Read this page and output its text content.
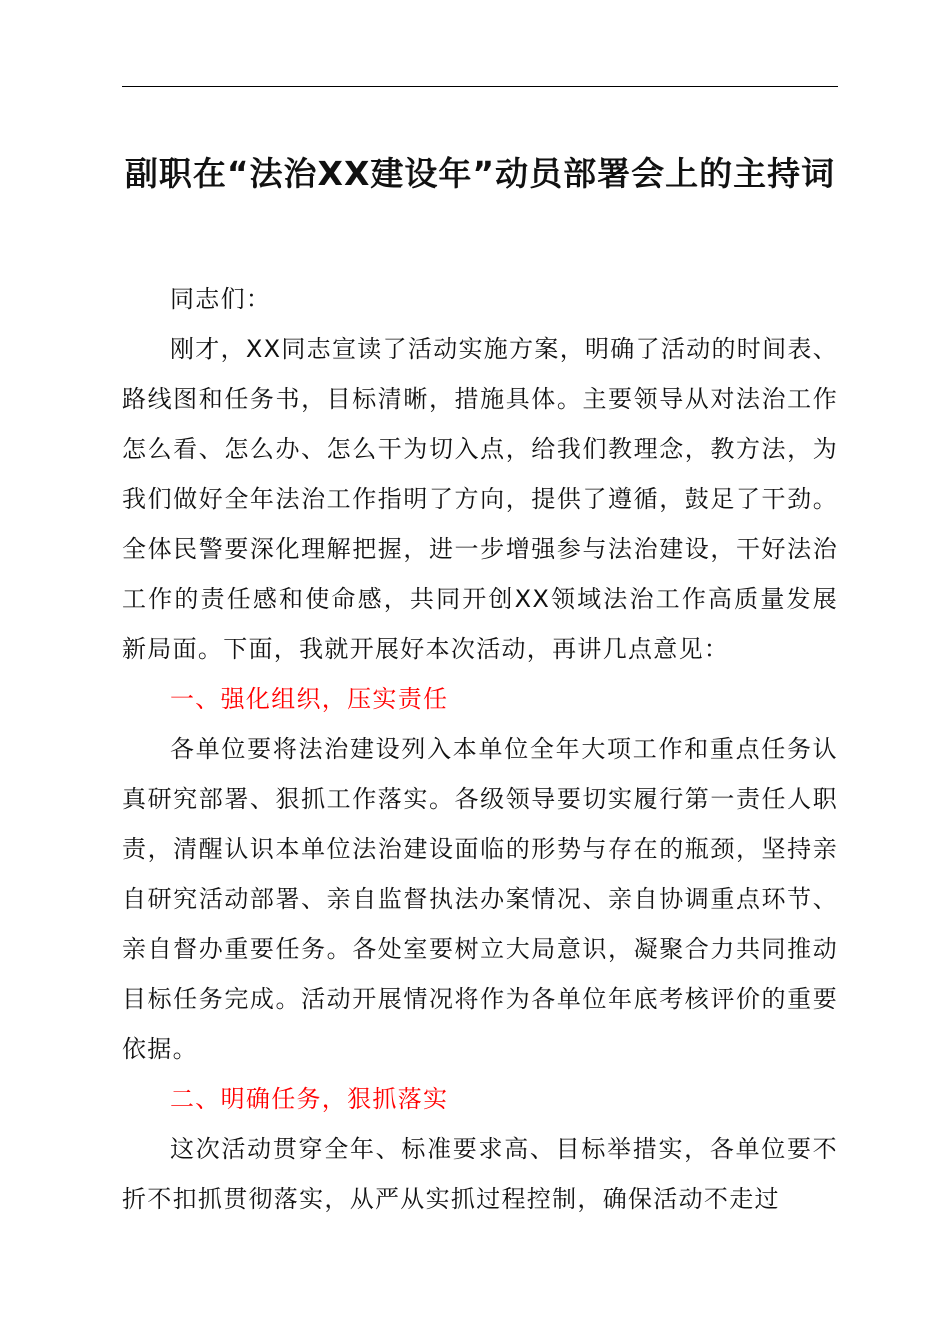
副职在“法治XX建设年”动员部署会上的主持词

同志们：

刚才，XX同志宣读了活动实施方案，明确了活动的时间表、路线图和任务书，目标清晰，措施具体。主要领导从对法治工作怎么看、怎么办、怎么干为切入点，给我们教理念，教方法，为我们做好全年法治工作指明了方向，提供了遵循，鼓足了干劲。全体民警要深化理解把握，进一步增强参与法治建设，干好法治工作的责任感和使命感，共同开创XX领域法治工作高质量发展新局面。下面，我就开展好本次活动，再讲几点意见：

一、强化组织，压实责任

各单位要将法治建设列入本单位全年大项工作和重点任务认真研究部署、狠抓工作落实。各级领导要切实履行第一责任人职责，清醒认识本单位法治建设面临的形势与存在的瓶颈，坚持亲自研究活动部署、亲自监督执法办案情况、亲自协调重点环节、亲自督办重要任务。各处室要树立大局意识，凝聚合力共同推动目标任务完成。活动开展情况将作为各单位年底考核评价的重要依据。

二、明确任务，狠抓落实

这次活动贯穿全年、标准要求高、目标举措实，各单位要不折不扣抓贯彻落实，从严从实抓过程控制，确保活动不走过
